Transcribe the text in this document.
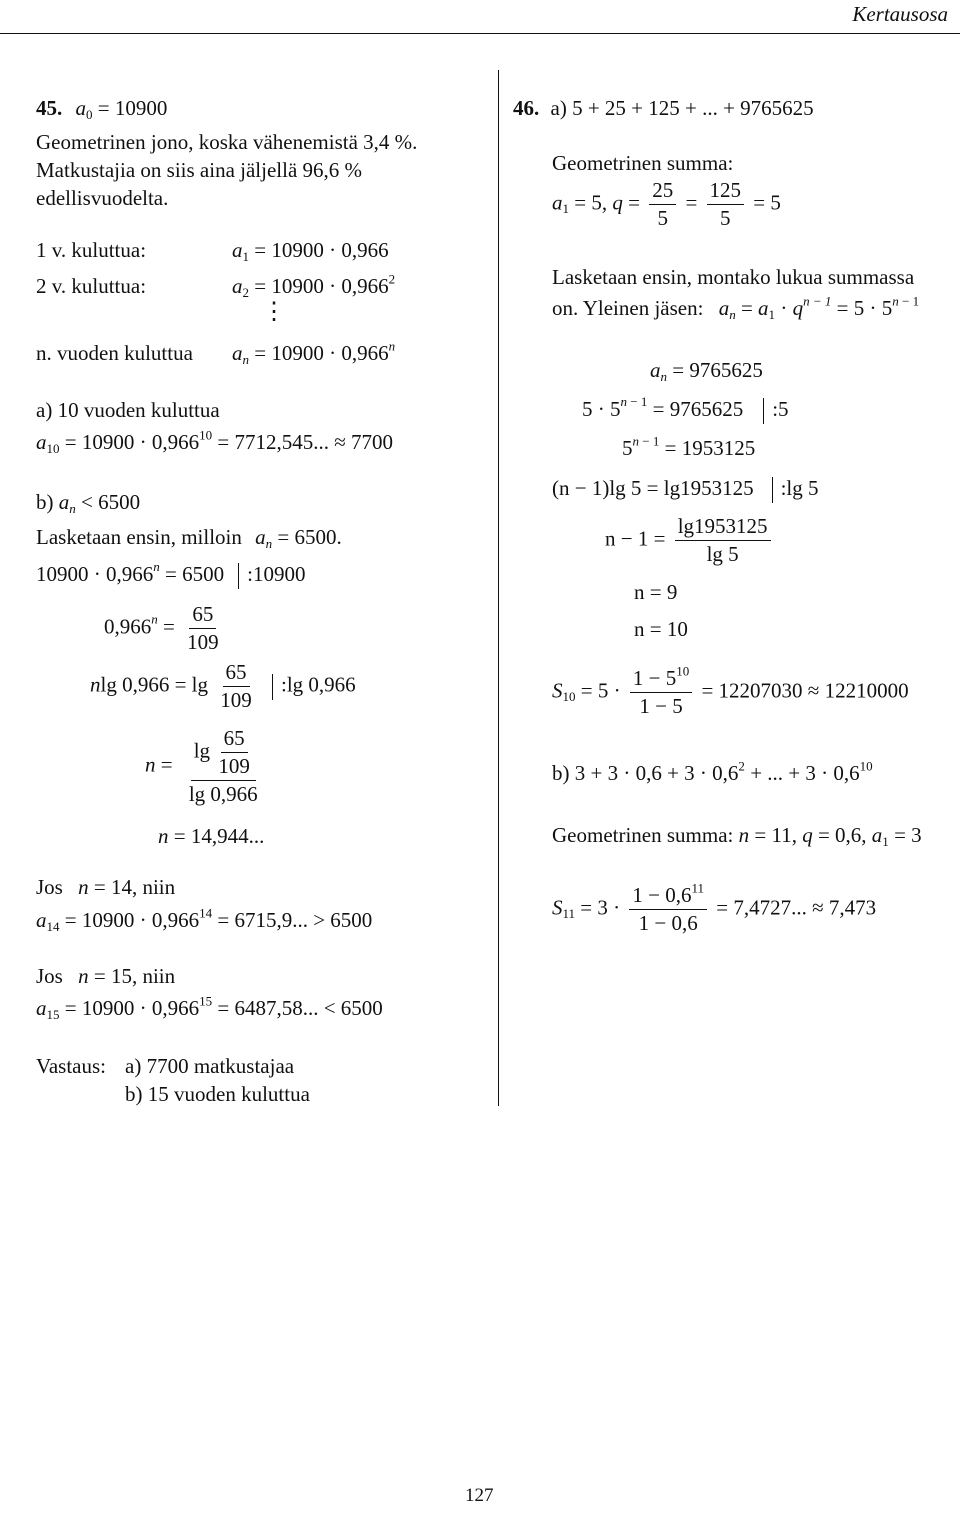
Kertausosa
45. $a_0 = 10900$
Geometrinen jono, koska vähenemistä 3,4 %.
Matkustajia on siis aina jäljellä 96,6 %
edellisvuodelta.
1 v. kuluttua:	$a_1 = 10900 \cdot 0,966$
2 v. kuluttua:	$a_2 = 10900 \cdot 0,966^2$
⋮
n. vuoden kuluttua $a_n = 10900 \cdot 0,966^n$
a) 10 vuoden kuluttua
$a_{10} = 10900 \cdot 0,966^{10} = 7712,545$... ≈ 7700
b) $a_n < 6500$
Lasketaan ensin, milloin $a_n = 6500$.
$10900 \cdot 0,966^n = 6500$ :10900
$0,966^n = \frac{65}{109}$
nlg $0,966 = \lg \frac{65}{109}$ :lg 0,966
$n = \frac{\lg \frac{65}{109}}{\lg 0,966}$
n = 14,944...
Jos n = 14, niin
$a_{14} = 10900 \cdot 0,966^{14} = 6715,9$... > 6500
Jos n = 15, niin
$a_{15} = 10900 \cdot 0,966^{15} = 6487,58$... < 6500
Vastaus: a) 7700 matkustajaa
b) 15 vuoden kuluttua
46. a) 5 + 25 + 125 + ... + 9765625
Geometrinen summa:
$a_1 = 5$, $q = \frac{25}{5} = \frac{125}{5} = 5$
Lasketaan ensin, montako lukua summassa
on. Yleinen jäsen: $a_n = a_1 \cdot q^{n - 1} = 5 \cdot 5^{n - 1}$
$a_n = 9765625$
$5 \cdot 5^{n - 1} = 9765625$ :5
$5^{n - 1} = 1953125$
(n − 1)lg 5 = lg1953125 :lg 5
$n - 1 = \frac{\lg 1953125}{\lg 5}$
n = 9
n = 10
$S_{10} = 5 \cdot \frac{1 - 5^{10}}{1 - 5} = 12207030 \approx 12210000$
b) $3 + 3 \cdot 0,6 + 3 \cdot 0,6^2$ + ... + $3 \cdot 0,6^{10}$
Geometrinen summa: n = 11, q = 0,6, $a_1 = 3$
$S_{11} = 3 \cdot \frac{1 - 0,6^{11}}{1 - 0,6} = 7,4727$... ≈ 7,473
127
